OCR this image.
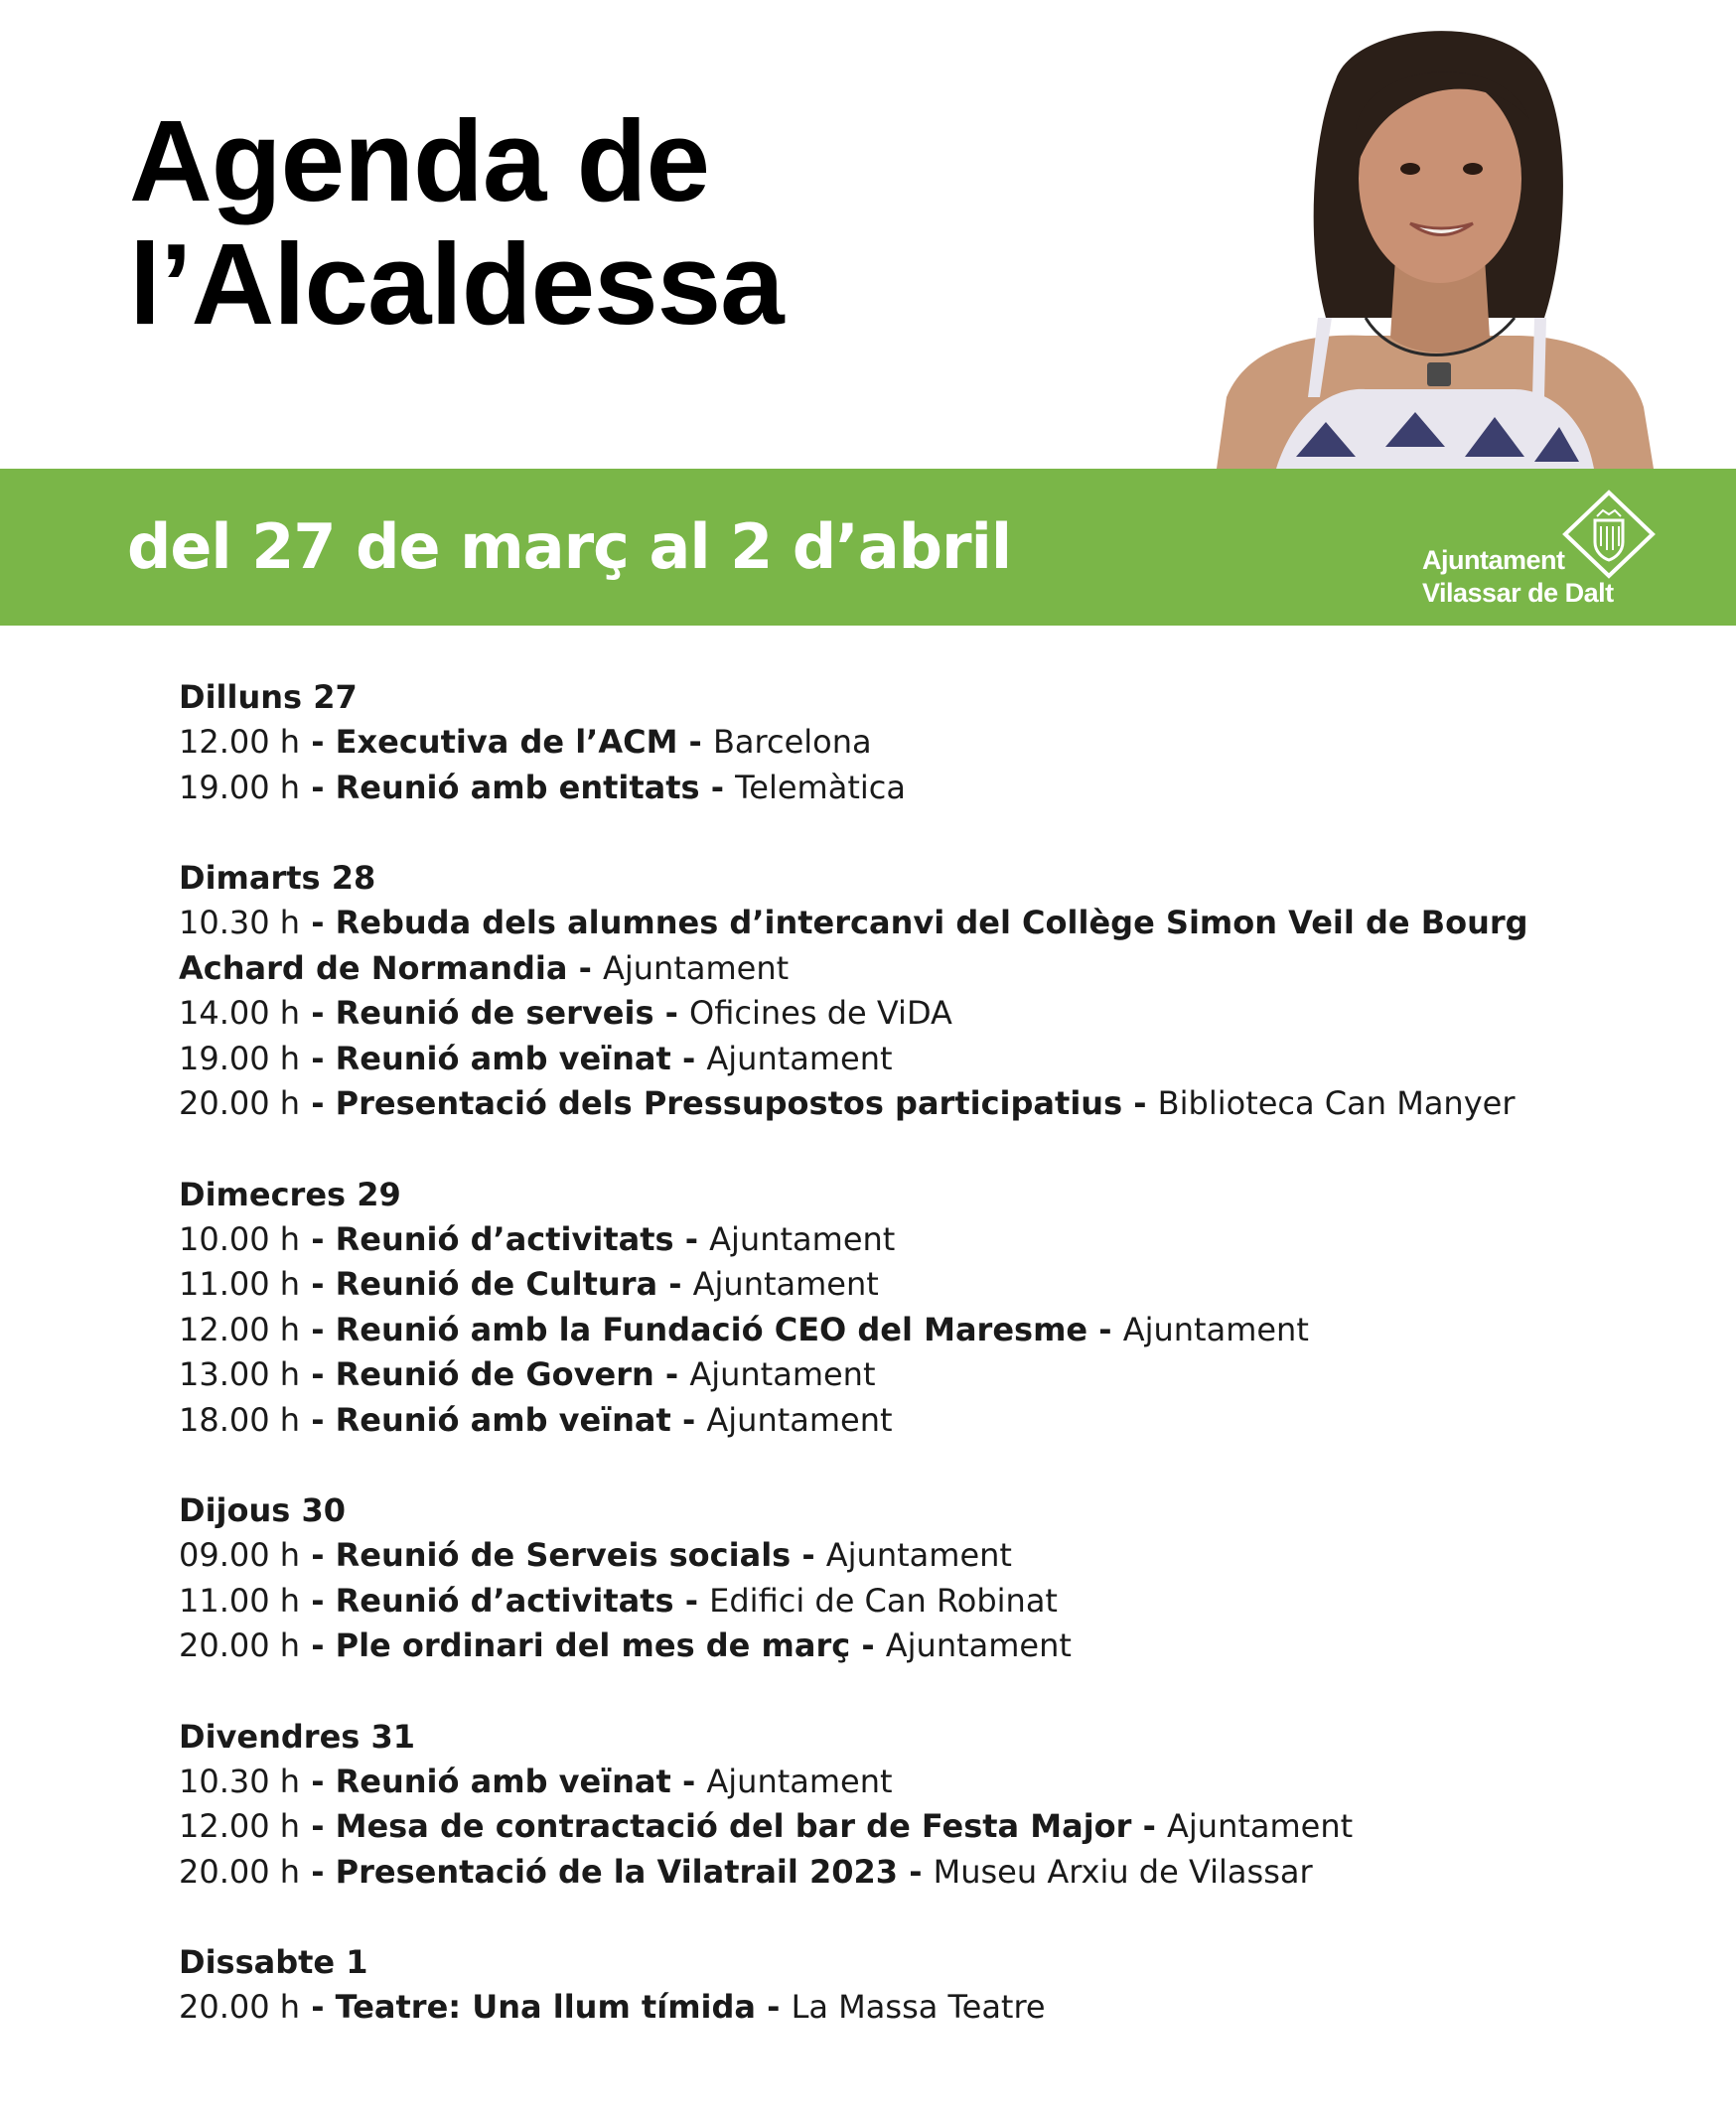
Agenda de
l’Alcaldessa
del 27 de març al 2 d’abril	Ajuntament
Vilassar de Dalt
Dilluns 27
12.00 h - Executiva de l’ACM - Barcelona
19.00 h - Reunió amb entitats - Telemàtica
Dimarts 28
10.30 h - Rebuda dels alumnes d’intercanvi del Collège Simon Veil de Bourg Achard de Normandia - Ajuntament
14.00 h - Reunió de serveis - Oficines de ViDA
19.00 h - Reunió amb veïnat - Ajuntament
20.00 h - Presentació dels Pressupostos participatius - Biblioteca Can Manyer
Dimecres 29
10.00 h - Reunió d’activitats - Ajuntament
11.00 h - Reunió de Cultura - Ajuntament
12.00 h - Reunió amb la Fundació CEO del Maresme - Ajuntament
13.00 h - Reunió de Govern - Ajuntament
18.00 h - Reunió amb veïnat - Ajuntament
Dijous 30
09.00 h - Reunió de Serveis socials - Ajuntament
11.00 h - Reunió d’activitats - Edifici de Can Robinat
20.00 h - Ple ordinari del mes de març - Ajuntament
Divendres 31
10.30 h - Reunió amb veïnat - Ajuntament
12.00 h - Mesa de contractació del bar de Festa Major - Ajuntament
20.00 h - Presentació de la Vilatrail 2023 - Museu Arxiu de Vilassar
Dissabte 1
20.00 h - Teatre: Una llum tímida - La Massa Teatre
